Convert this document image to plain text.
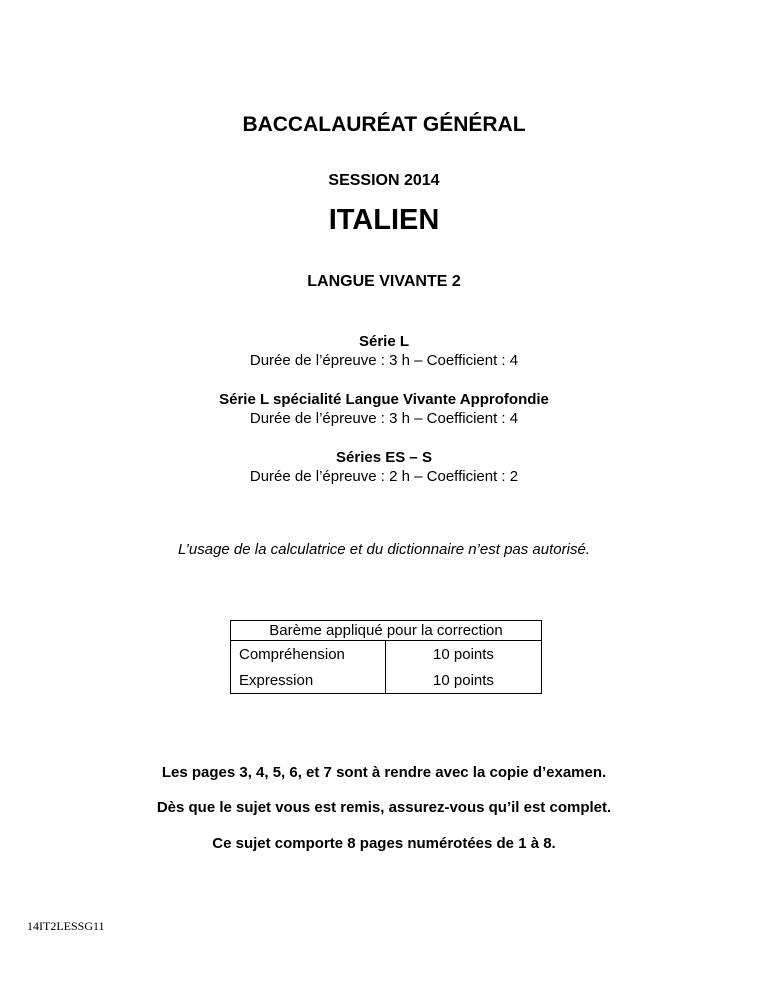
BACCALAURÉAT GÉNÉRAL
SESSION 2014
ITALIEN
LANGUE VIVANTE 2
Série L
Durée de l’épreuve : 3 h – Coefficient : 4
Série L spécialité Langue Vivante Approfondie
Durée de l’épreuve : 3 h – Coefficient : 4
Séries ES – S
Durée de l’épreuve : 2 h – Coefficient : 2
L’usage de la calculatrice et du dictionnaire n’est pas autorisé.
Barème appliqué pour la correction	
Compréhension	10 points
Expression	10 points
Les pages 3, 4, 5, 6, et 7 sont à rendre avec la copie d’examen.
Dès que le sujet vous est remis, assurez-vous qu’il est complet.
Ce sujet comporte 8 pages numérotées de 1 à 8.
14IT2LESSG11
